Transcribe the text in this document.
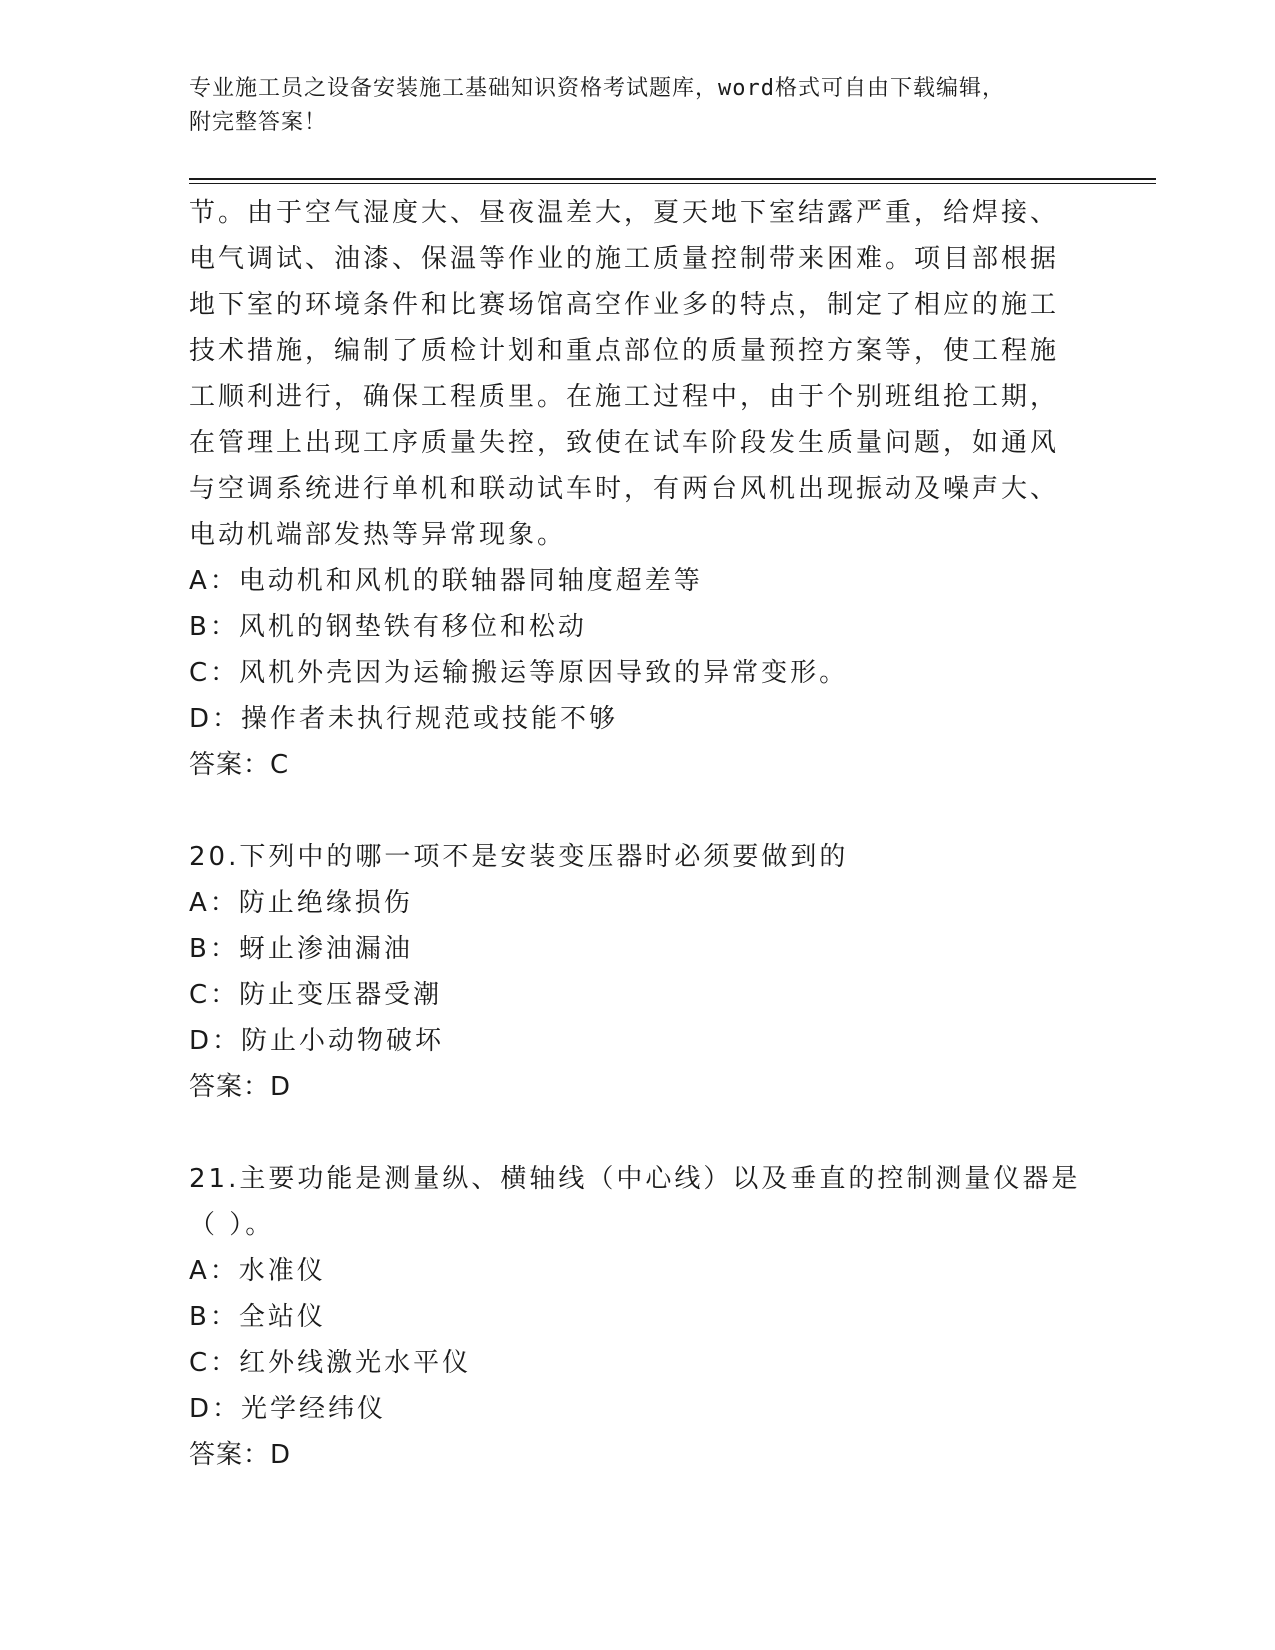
专业施工员之设备安装施工基础知识资格考试题库，word格式可自由下载编辑，
附完整答案！
节。由于空气湿度大、昼夜温差大，夏天地下室结露严重，给焊接、
电气调试、油漆、保温等作业的施工质量控制带来困难。项目部根据
地下室的环境条件和比赛场馆高空作业多的特点，制定了相应的施工
技术措施，编制了质检计划和重点部位的质量预控方案等，使工程施
工顺利进行，确保工程质里。在施工过程中，由于个别班组抢工期，
在管理上出现工序质量失控，致使在试车阶段发生质量问题，如通风
与空调系统进行单机和联动试车时，有两台风机出现振动及噪声大、
电动机端部发热等异常现象。
A：电动机和风机的联轴器同轴度超差等
B：风机的钢垫铁有移位和松动
C：风机外壳因为运输搬运等原因导致的异常变形。
D：操作者未执行规范或技能不够
答案：C
20.下列中的哪一项不是安装变压器时必须要做到的
A：防止绝缘损伤
B：蚜止渗油漏油
C：防止变压器受潮
D：防止小动物破坏
答案：D
21.主要功能是测量纵、横轴线（中心线）以及垂直的控制测量仪器是
（ ）。
A：水准仪
B：全站仪
C：红外线激光水平仪
D：光学经纬仪
答案：D
